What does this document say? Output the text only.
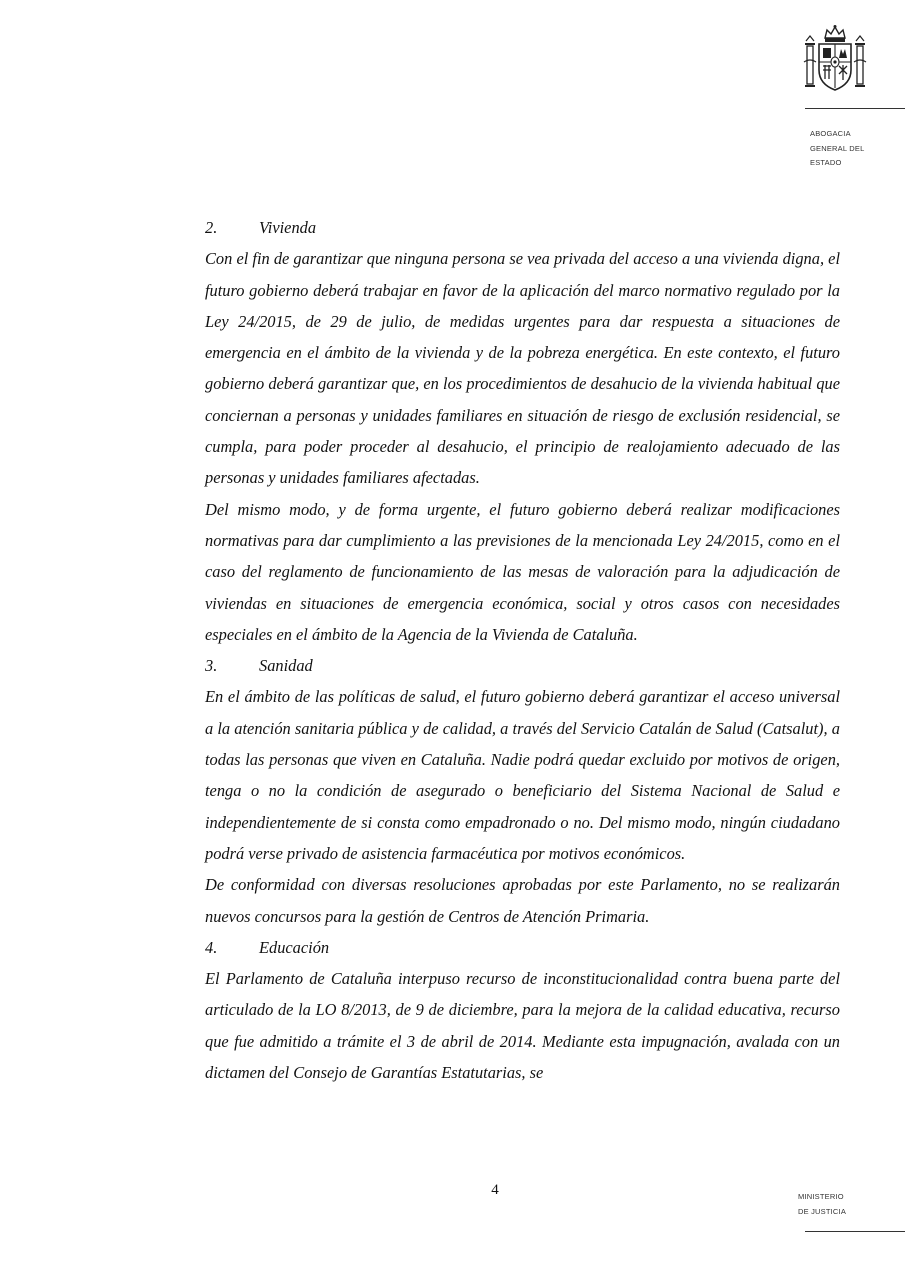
ABOGACIA
GENERAL DEL
ESTADO
2.	Vivienda

Con el fin de garantizar que ninguna persona se vea privada del acceso a una vivienda digna, el futuro gobierno deberá trabajar en favor de la aplicación del marco normativo regulado por la Ley 24/2015, de 29 de julio, de medidas urgentes para dar respuesta a situaciones de emergencia en el ámbito de la vivienda y de la pobreza energética. En este contexto, el futuro gobierno deberá garantizar que, en los procedimientos de desahucio de la vivienda habitual que conciernan a personas y unidades familiares en situación de riesgo de exclusión residencial, se cumpla, para poder proceder al desahucio, el principio de realojamiento adecuado de las personas y unidades familiares afectadas.

Del mismo modo, y de forma urgente, el futuro gobierno deberá realizar modificaciones normativas para dar cumplimiento a las previsiones de la mencionada Ley 24/2015, como en el caso del reglamento de funcionamiento de las mesas de valoración para la adjudicación de viviendas en situaciones de emergencia económica, social y otros casos con necesidades especiales en el ámbito de la Agencia de la Vivienda de Cataluña.

3.	Sanidad

En el ámbito de las políticas de salud, el futuro gobierno deberá garantizar el acceso universal a la atención sanitaria pública y de calidad, a través del Servicio Catalán de Salud (Catsalut), a todas las personas que viven en Cataluña. Nadie podrá quedar excluido por motivos de origen, tenga o no la condición de asegurado o beneficiario del Sistema Nacional de Salud e independientemente de si consta como empadronado o no. Del mismo modo, ningún ciudadano podrá verse privado de asistencia farmacéutica por motivos económicos.

De conformidad con diversas resoluciones aprobadas por este Parlamento, no se realizarán nuevos concursos para la gestión de Centros de Atención Primaria.

4.	Educación

El Parlamento de Cataluña interpuso recurso de inconstitucionalidad contra buena parte del articulado de la LO 8/2013, de 9 de diciembre, para la mejora de la calidad educativa, recurso que fue admitido a trámite el 3 de abril de 2014. Mediante esta impugnación, avalada con un dictamen del Consejo de Garantías Estatutarias, se

4	MINISTERIO
DE JUSTICIA
